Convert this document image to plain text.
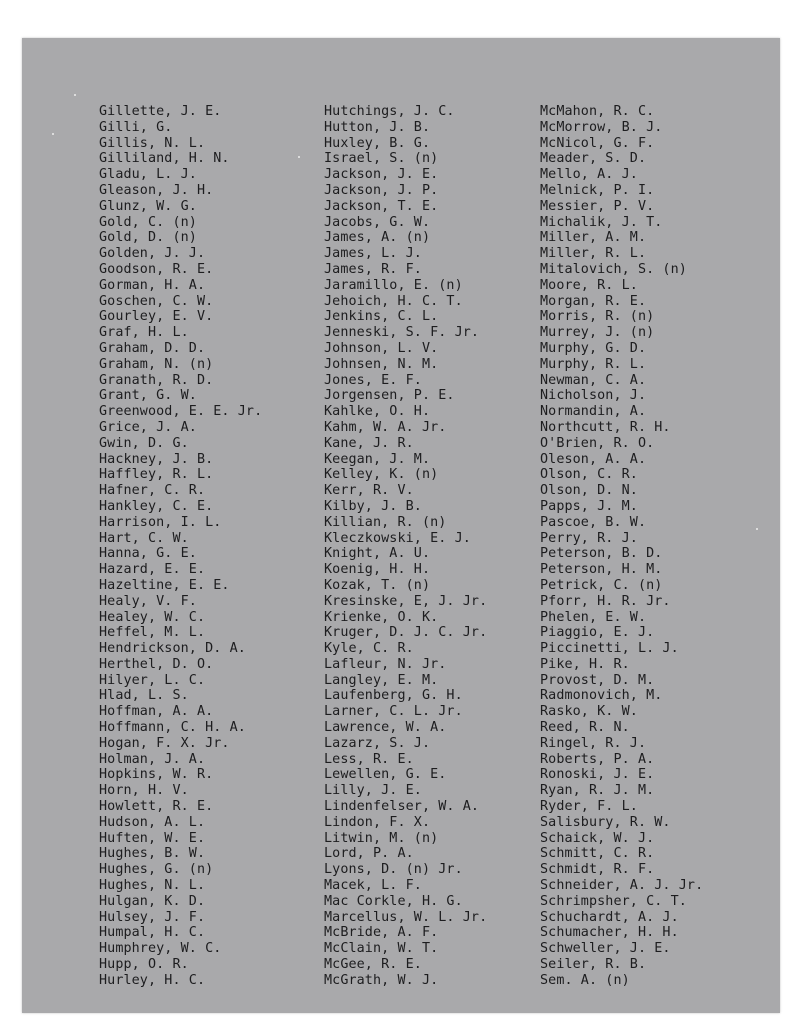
Gillette, J. E.
Gilli, G.
Gillis, N. L.
Gilliland, H. N.
Gladu, L. J.
Gleason, J. H.
Glunz, W. G.
Gold, C. (n)
Gold, D. (n)
Golden, J. J.
Goodson, R. E.
Gorman, H. A.
Goschen, C. W.
Gourley, E. V.
Graf, H. L.
Graham, D. D.
Graham, N. (n)
Granath, R. D.
Grant, G. W.
Greenwood, E. E. Jr.
Grice, J. A.
Gwin, D. G.
Hackney, J. B.
Haffley, R. L.
Hafner, C. R.
Hankley, C. E.
Harrison, I. L.
Hart, C. W.
Hanna, G. E.
Hazard, E. E.
Hazeltine, E. E.
Healy, V. F.
Healey, W. C.
Heffel, M. L.
Hendrickson, D. A.
Herthel, D. O.
Hilyer, L. C.
Hlad, L. S.
Hoffman, A. A.
Hoffmann, C. H. A.
Hogan, F. X. Jr.
Holman, J. A.
Hopkins, W. R.
Horn, H. V.
Howlett, R. E.
Hudson, A. L.
Huften, W. E.
Hughes, B. W.
Hughes, G. (n)
Hughes, N. L.
Hulgan, K. D.
Hulsey, J. F.
Humpal, H. C.
Humphrey, W. C.
Hupp, O. R.
Hurley, H. C.
Hutchings, J. C.
Hutton, J. B.
Huxley, B. G.
Israel, S. (n)
Jackson, J. E.
Jackson, J. P.
Jackson, T. E.
Jacobs, G. W.
James, A. (n)
James, L. J.
James, R. F.
Jaramillo, E. (n)
Jehoich, H. C. T.
Jenkins, C. L.
Jenneski, S. F. Jr.
Johnson, L. V.
Johnsen, N. M.
Jones, E. F.
Jorgensen, P. E.
Kahlke, O. H.
Kahm, W. A. Jr.
Kane, J. R.
Keegan, J. M.
Kelley, K. (n)
Kerr, R. V.
Kilby, J. B.
Killian, R. (n)
Kleczkowski, E. J.
Knight, A. U.
Koenig, H. H.
Kozak, T. (n)
Kresinske, E, J. Jr.
Krienke, O. K.
Kruger, D. J. C. Jr.
Kyle, C. R.
Lafleur, N. Jr.
Langley, E. M.
Laufenberg, G. H.
Larner, C. L. Jr.
Lawrence, W. A.
Lazarz, S. J.
Less, R. E.
Lewellen, G. E.
Lilly, J. E.
Lindenfelser, W. A.
Lindon, F. X.
Litwin, M. (n)
Lord, P. A.
Lyons, D. (n) Jr.
Macek, L. F.
Mac Corkle, H. G.
Marcellus, W. L. Jr.
McBride, A. F.
McClain, W. T.
McGee, R. E.
McGrath, W. J.
McMahon, R. C.
McMorrow, B. J.
McNicol, G. F.
Meader, S. D.
Mello, A. J.
Melnick, P. I.
Messier, P. V.
Michalik, J. T.
Miller, A. M.
Miller, R. L.
Mitalovich, S. (n)
Moore, R. L.
Morgan, R. E.
Morris, R. (n)
Murrey, J. (n)
Murphy, G. D.
Murphy, R. L.
Newman, C. A.
Nicholson, J.
Normandin, A.
Northcutt, R. H.
O'Brien, R. O.
Oleson, A. A.
Olson, C. R.
Olson, D. N.
Papps, J. M.
Pascoe, B. W.
Perry, R. J.
Peterson, B. D.
Peterson, H. M.
Petrick, C. (n)
Pforr, H. R. Jr.
Phelen, E. W.
Piaggio, E. J.
Piccinetti, L. J.
Pike, H. R.
Provost, D. M.
Radmonovich, M.
Rasko, K. W.
Reed, R. N.
Ringel, R. J.
Roberts, P. A.
Ronoski, J. E.
Ryan, R. J. M.
Ryder, F. L.
Salisbury, R. W.
Schaick, W. J.
Schmitt, C. R.
Schmidt, R. F.
Schneider, A. J. Jr.
Schrimpsher, C. T.
Schuchardt, A. J.
Schumacher, H. H.
Schweller, J. E.
Seiler, R. B.
Sem. A. (n)
